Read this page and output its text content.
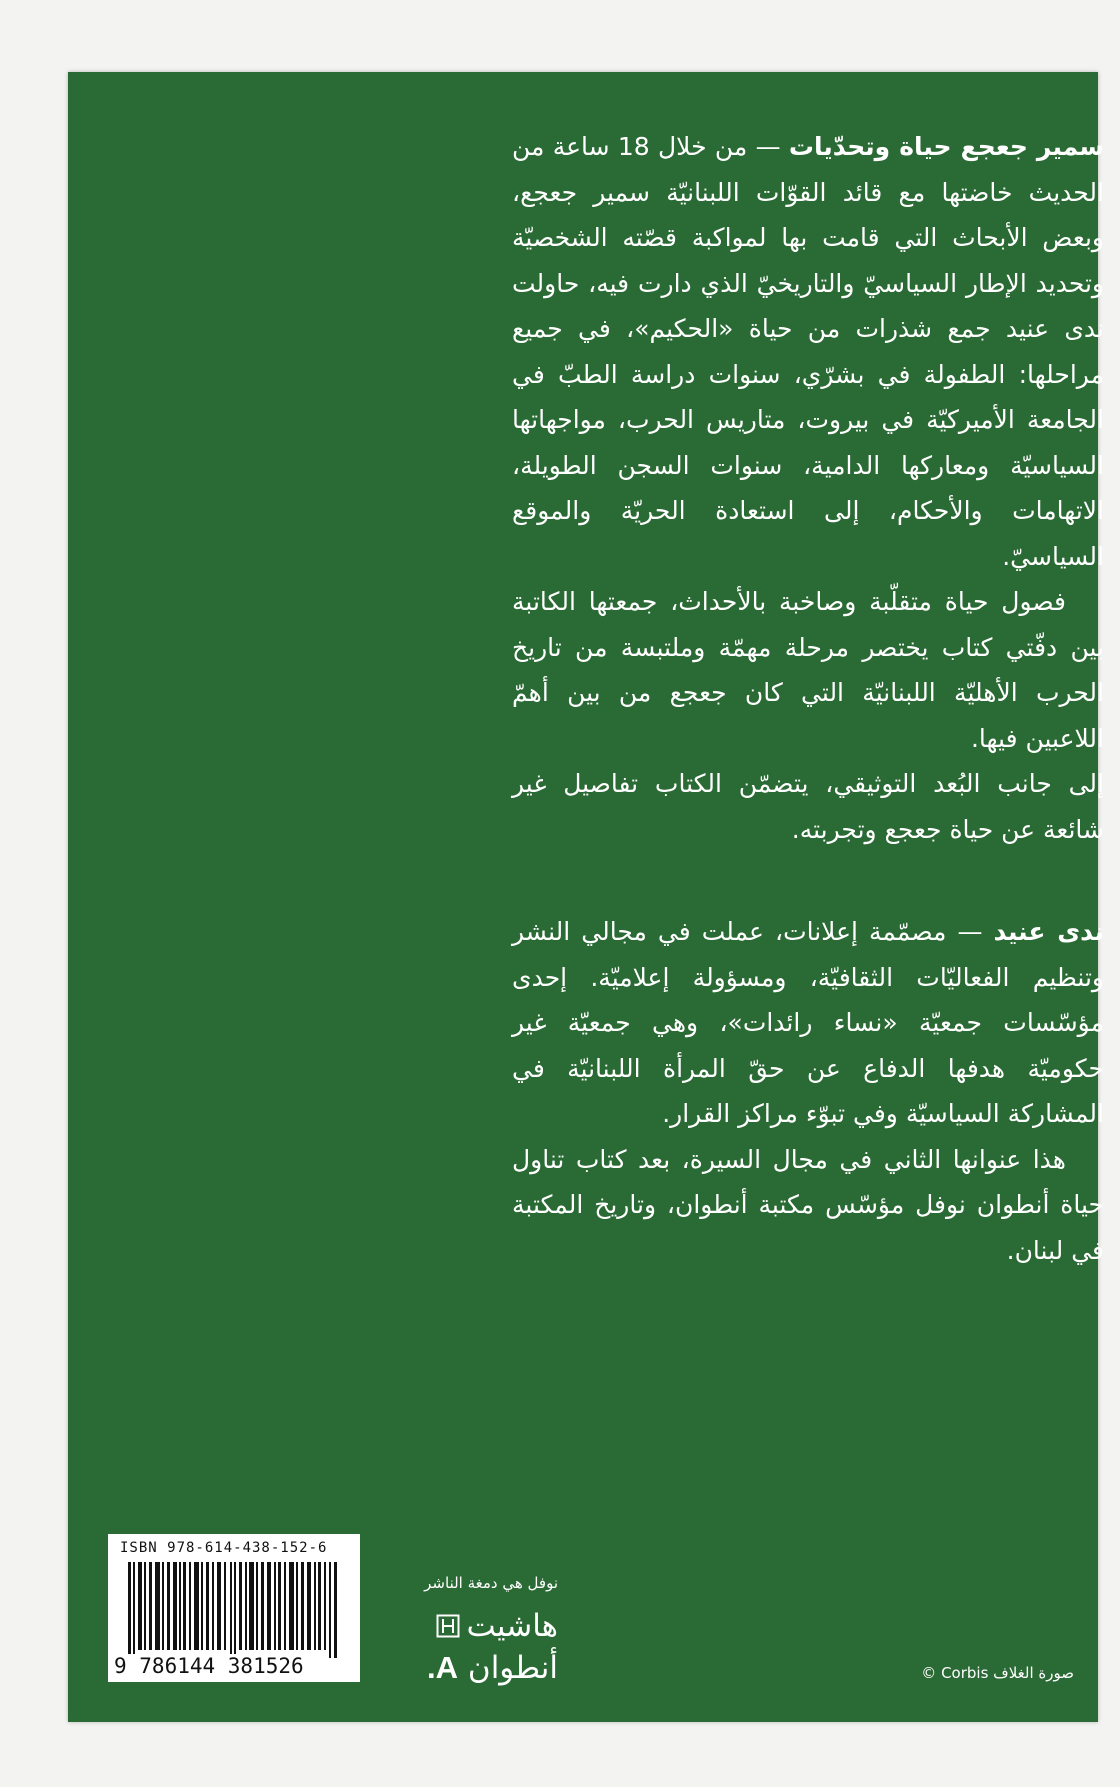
سمير جعجع حياة وتحدّيات — من خلال 18 ساعة من الحديث خاضتها مع قائد القوّات اللبنانيّة سمير جعجع، وبعض الأبحاث التي قامت بها لمواكبة قصّته الشخصيّة وتحديد الإطار السياسيّ والتاريخيّ الذي دارت فيه، حاولت ندى عنيد جمع شذرات من حياة «الحكيم»، في جميع مراحلها: الطفولة في بشرّي، سنوات دراسة الطبّ في الجامعة الأميركيّة في بيروت، متاريس الحرب، مواجهاتها السياسيّة ومعاركها الدامية، سنوات السجن الطويلة، الاتهامات والأحكام، إلى استعادة الحريّة والموقع السياسيّ.

فصول حياة متقلّبة وصاخبة بالأحداث، جمعتها الكاتبة بين دفّتي كتاب يختصر مرحلة مهمّة وملتبسة من تاريخ الحرب الأهليّة اللبنانيّة التي كان جعجع من بين أهمّ اللاعبين فيها.

إلى جانب البُعد التوثيقي، يتضمّن الكتاب تفاصيل غير شائعة عن حياة جعجع وتجربته.

ندى عنيد — مصمّمة إعلانات، عملت في مجالي النشر وتنظيم الفعاليّات الثقافيّة، ومسؤولة إعلاميّة. إحدى مؤسّسات جمعيّة «نساء رائدات»، وهي جمعيّة غير حكوميّة هدفها الدفاع عن حقّ المرأة اللبنانيّة في المشاركة السياسيّة وفي تبوّء مراكز القرار.

هذا عنوانها الثاني في مجال السيرة، بعد كتاب تناول حياة أنطوان نوفل مؤسّس مكتبة أنطوان، وتاريخ المكتبة في لبنان.

ISBN 978-614-438-152-6
9 786144 381526
نوفل هي دمغة الناشر
هاشيت
أنطوان A.	صورة الغلاف Corbis ©
